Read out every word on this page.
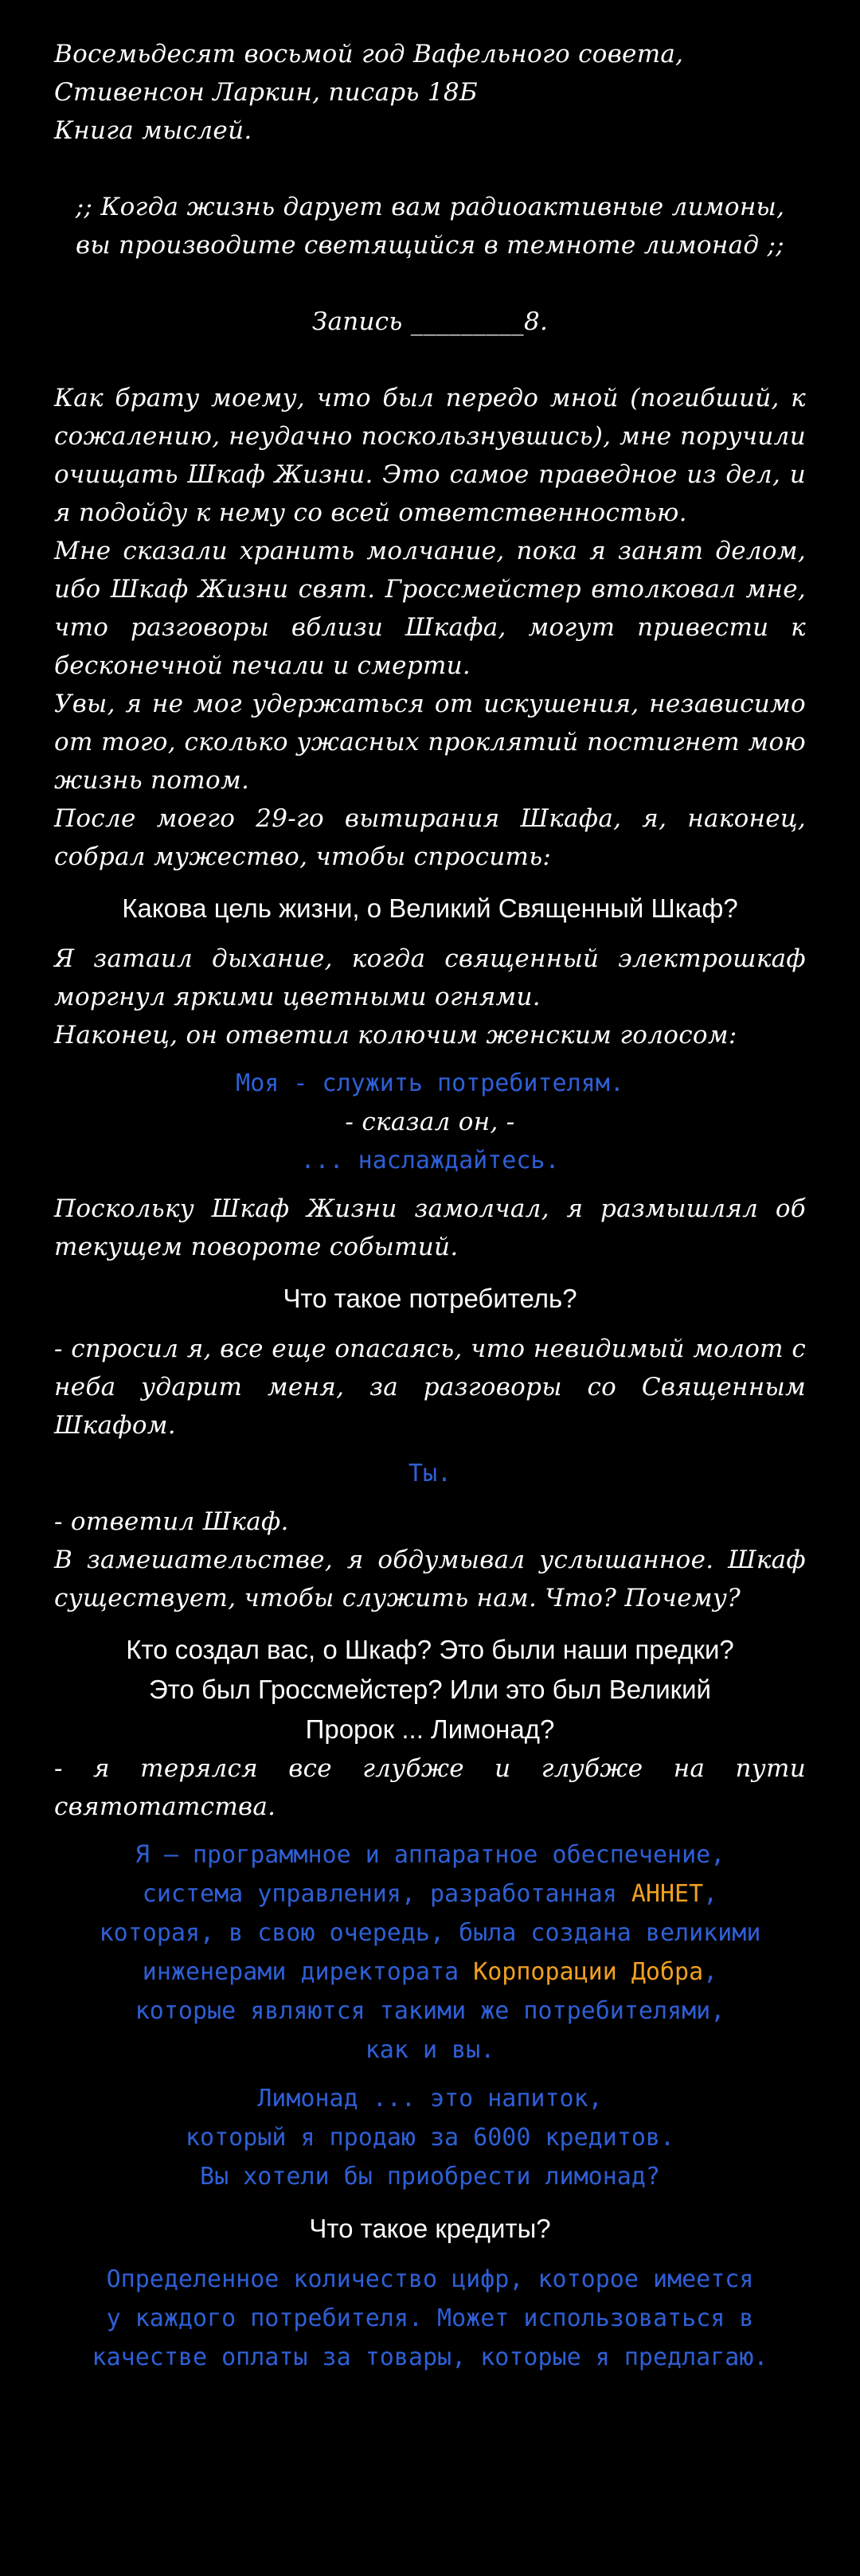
Восемьдесят восьмой год Вафельного совета,
Стивенсон Ларкин, писарь 18Б
Книга мыслей.
;; Когда жизнь дарует вам радиоактивные лимоны, вы производите светящийся в темноте лимонад ;;
Запись _________8.

Как брату моему, что был передо мной (погибший, к сожалению, неудачно поскользнувшись), мне поручили очищать Шкаф Жизни. Это самое праведное из дел, и я подойду к нему со всей ответственностью.

Мне сказали хранить молчание, пока я занят делом, ибо Шкаф Жизни свят. Гроссмейстер втолковал мне, что разговоры вблизи Шкафа, могут привести к бесконечной печали и смерти.

Увы, я не мог удержаться от искушения, независимо от того, сколько ужасных проклятий постигнет мою жизнь потом.

После моего 29-го вытирания Шкафа, я, наконец, собрал мужество, чтобы спросить:

Какова цель жизни, о Великий Священный Шкаф?

Я затаил дыхание, когда священный электрошкаф моргнул яркими цветными огнями.

Наконец, он ответил колючим женским голосом:

Моя - служить потребителям.

- сказал он, -

... наслаждайтесь.

Поскольку Шкаф Жизни замолчал, я размышлял об текущем повороте событий.

Что такое потребитель?

- спросил я, все еще опасаясь, что невидимый молот с неба ударит меня, за разговоры со Священным Шкафом.

Ты.

- ответил Шкаф.

В замешательстве, я обдумывал услышанное. Шкаф существует, чтобы служить нам. Что? Почему?

Кто создал вас, о Шкаф? Это были наши предки?
Это был Гроссмейстер? Или это был Великий
Пророк ... Лимонад?

- я терялся все глубже и глубже на пути святотатства.

Я — программное и аппаратное обеспечение,

система управления, разработанная АННЕТ,

которая, в свою очередь, была создана великими

инженерами директората Корпорации Добра,

которые являются такими же потребителями,

как и вы.

Лимонад ... это напиток,

который я продаю за 6000 кредитов.

Вы хотели бы приобрести лимонад?

Что такое кредиты?

Определенное количество цифр, которое имеется

у каждого потребителя. Может использоваться в

качестве оплаты за товары, которые я предлагаю.
